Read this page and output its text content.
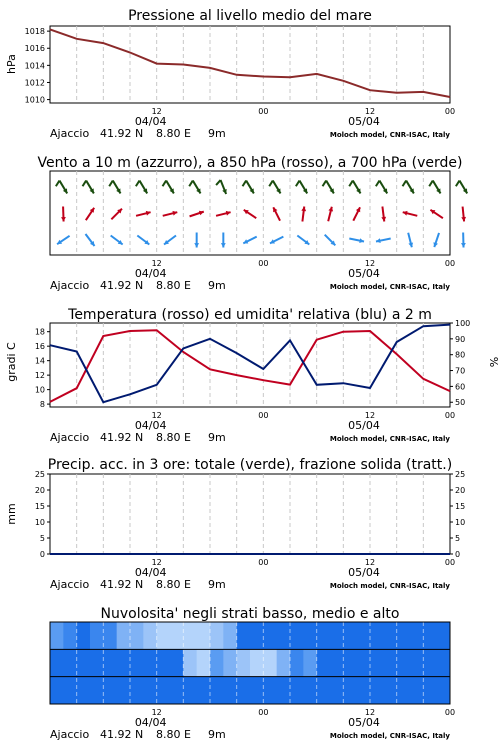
Pressione al livello medio del mare
hPa
1010
1012
1014
1016
1018
Vento a 10 m (azzurro), a 850 hPa (rosso), a 700 hPa (verde)
Temperatura (rosso) ed umidita' relativa (blu) a 2 m
gradi C	%
8
10
12
14
16
18
50
60
70
80
90
100
Precip. acc. in 3 ore: totale (verde), frazione solida (tratt.)
mm
0
5
10
15
20
25
0
5
10
15
20
25
Nuvolosita' negli strati basso, medio e alto
12	00	12	00
04/04	05/04
Ajaccio 41.92 N 8.80 E 9m	Moloch model, CNR-ISAC, Italy
12	00	12	00
04/04	05/04
Ajaccio 41.92 N 8.80 E 9m	Moloch model, CNR-ISAC, Italy
12	00	12	00
04/04	05/04
Ajaccio 41.92 N 8.80 E 9m	Moloch model, CNR-ISAC, Italy
12	00	12	00
04/04	05/04
Ajaccio 41.92 N 8.80 E 9m	Moloch model, CNR-ISAC, Italy
12	00	12	00
04/04	05/04
Ajaccio 41.92 N 8.80 E 9m	Moloch model, CNR-ISAC, Italy
